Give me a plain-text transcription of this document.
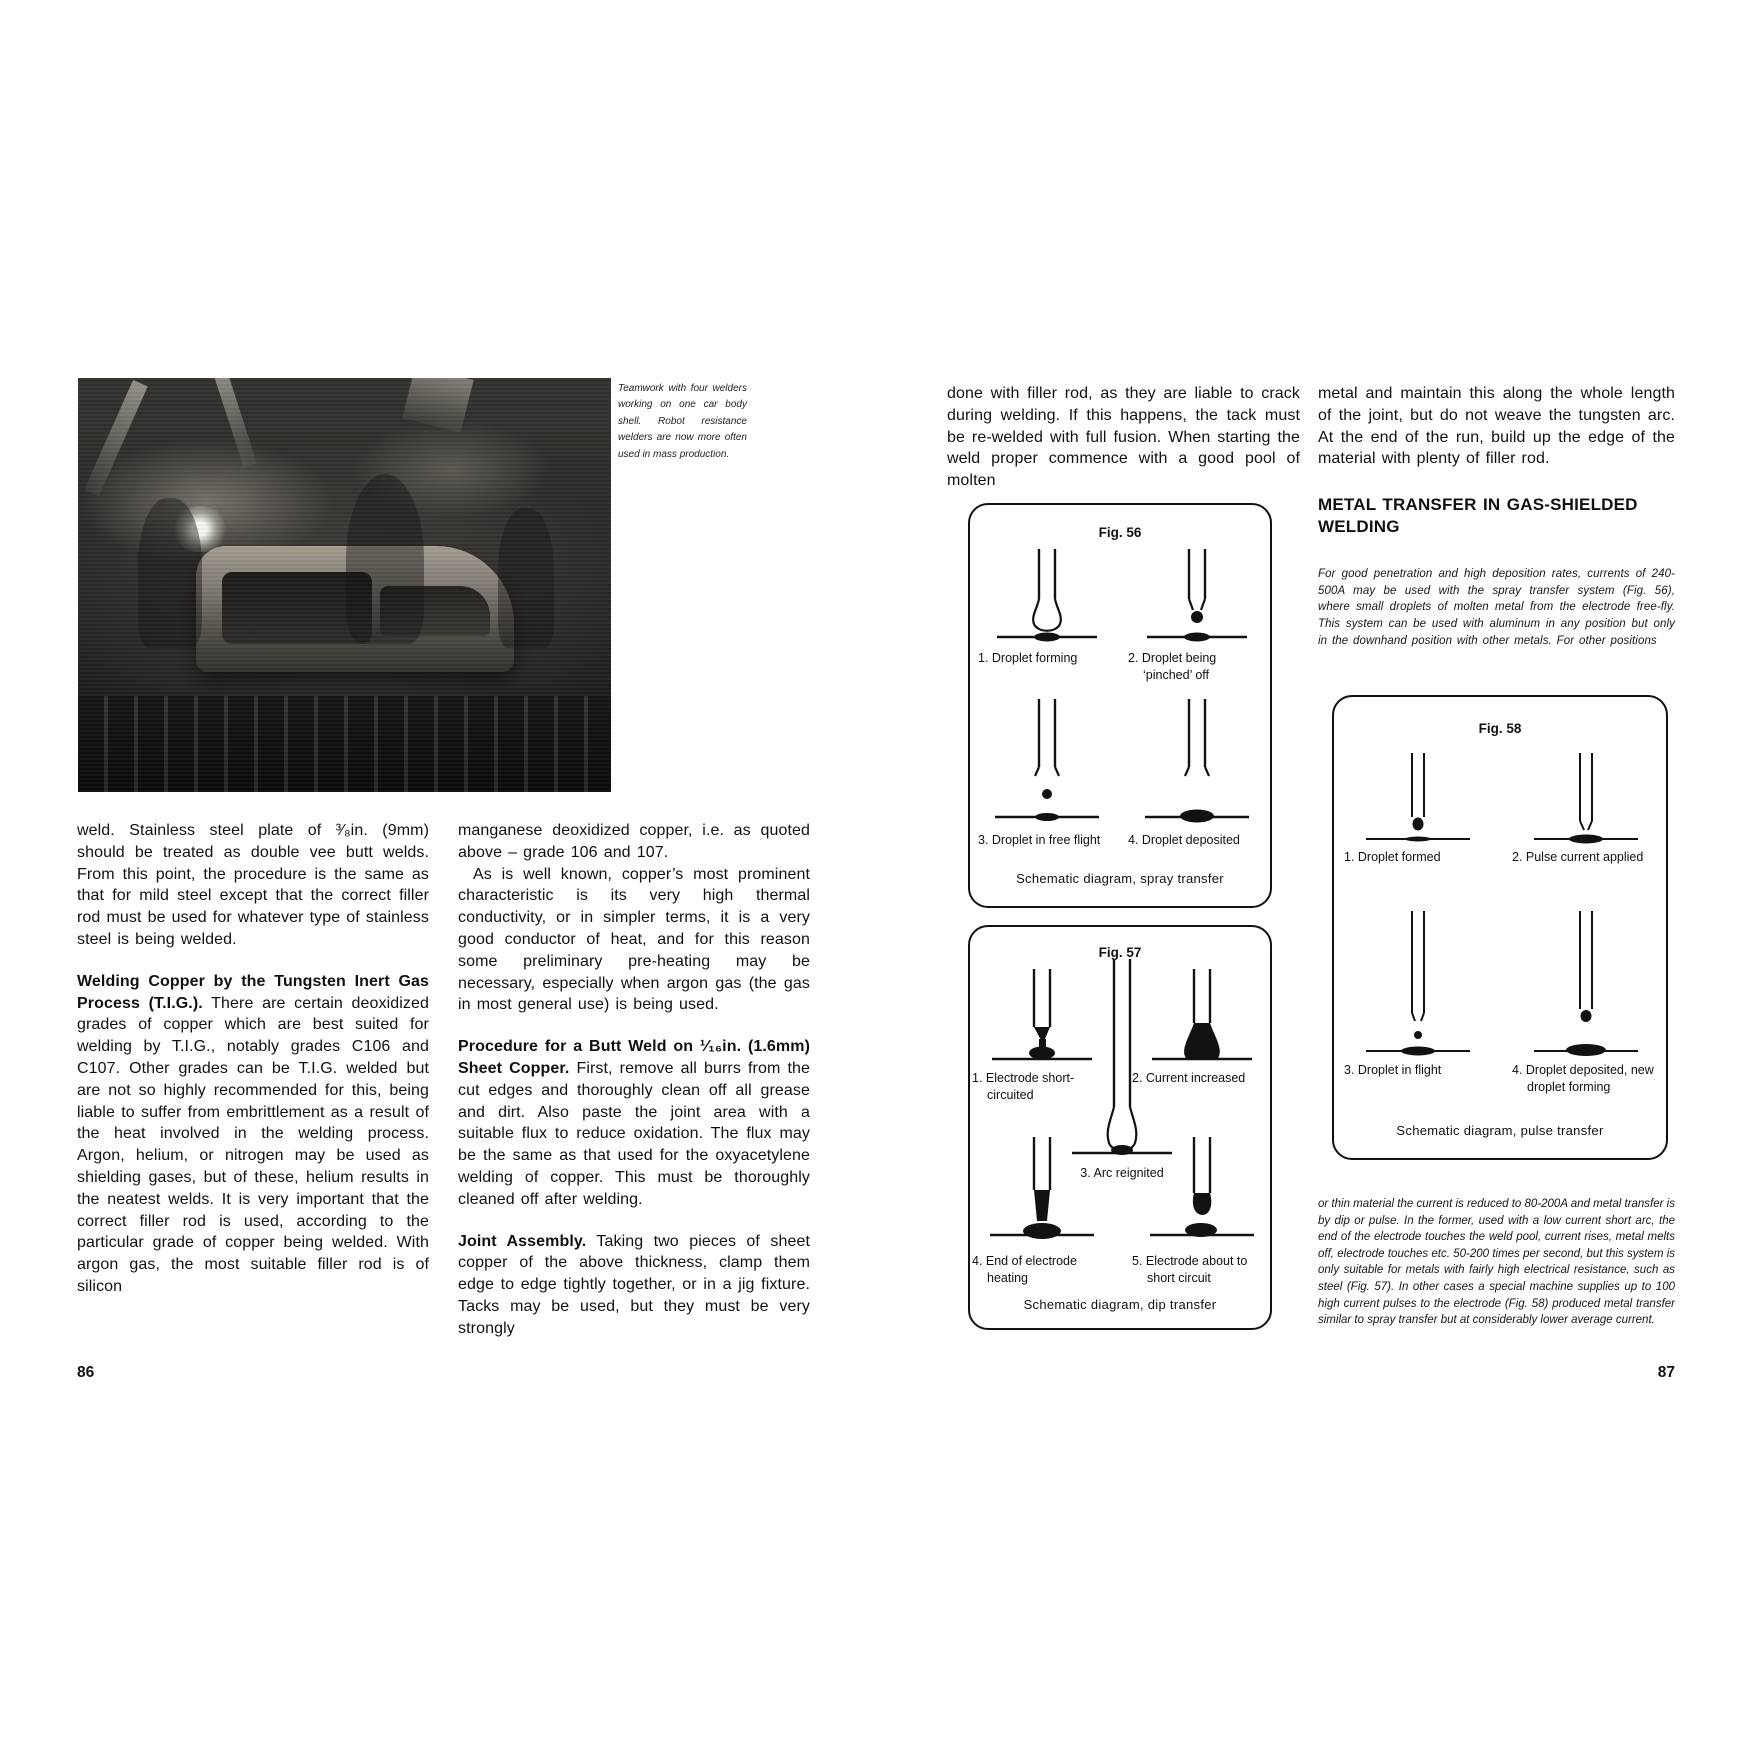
Teamwork with four welders working on one car body shell. Robot resistance welders are now more often used in mass production.

weld. Stainless steel plate of ³⁄₈in. (9mm) should be treated as double vee butt welds. From this point, the procedure is the same as that for mild steel except that the correct filler rod must be used for whatever type of stainless steel is being welded.

Welding Copper by the Tungsten Inert Gas Process (T.I.G.). There are certain deoxidized grades of copper which are best suited for welding by T.I.G., notably grades C106 and C107. Other grades can be T.I.G. welded but are not so highly recommended for this, being liable to suffer from embrittlement as a result of the heat involved in the welding process. Argon, helium, or nitrogen may be used as shielding gases, but of these, helium results in the neatest welds. It is very important that the correct filler rod is used, according to the particular grade of copper being welded. With argon gas, the most suitable filler rod is of silicon

manganese deoxidized copper, i.e. as quoted above – grade 106 and 107.

As is well known, copper’s most prominent characteristic is its very high thermal conductivity, or in simpler terms, it is a very good conductor of heat, and for this reason some preliminary pre-heating may be necessary, especially when argon gas (the gas in most general use) is being used.

Procedure for a Butt Weld on ¹⁄₁₆in. (1.6mm) Sheet Copper. First, remove all burrs from the cut edges and thoroughly clean off all grease and dirt. Also paste the joint area with a suitable flux to reduce oxidation. The flux may be the same as that used for the oxyacetylene welding of copper. This must be thoroughly cleaned off after welding.

Joint Assembly. Taking two pieces of sheet copper of the above thickness, clamp them edge to edge tightly together, or in a jig fixture. Tacks may be used, but they must be very strongly

86

done with filler rod, as they are liable to crack during welding. If this happens, the tack must be re-welded with full fusion. When starting the weld proper commence with a good pool of molten

metal and maintain this along the whole length of the joint, but do not weave the tungsten arc. At the end of the run, build up the edge of the material with plenty of filler rod.

METAL TRANSFER IN GAS-SHIELDED WELDING

For good penetration and high deposition rates, currents of 240-500A may be used with the spray transfer system (Fig. 56), where small droplets of molten metal from the electrode free-fly. This system can be used with aluminum in any position but only in the downhand position with other metals. For other positions

Fig. 56
1. Droplet forming	2. Droplet being ‘pinched’ off
3. Droplet in free flight	4. Droplet deposited
Schematic diagram, spray transfer
Fig. 57
1. Electrode short-circuited
2. Current increased
3. Arc reignited
4. End of electrode heating
5. Electrode about to short circuit
Schematic diagram, dip transfer
Fig. 58
1. Droplet formed	2. Pulse current applied
3. Droplet in flight	4. Droplet deposited, new droplet forming
Schematic diagram, pulse transfer
or thin material the current is reduced to 80-200A and metal transfer is by dip or pulse. In the former, used with a low current short arc, the end of the electrode touches the weld pool, current rises, metal melts off, electrode touches etc. 50-200 times per second, but this system is only suitable for metals with fairly high electrical resistance, such as steel (Fig. 57). In other cases a special machine supplies up to 100 high current pulses to the electrode (Fig. 58) produced metal transfer similar to spray transfer but at considerably lower average current.
87
